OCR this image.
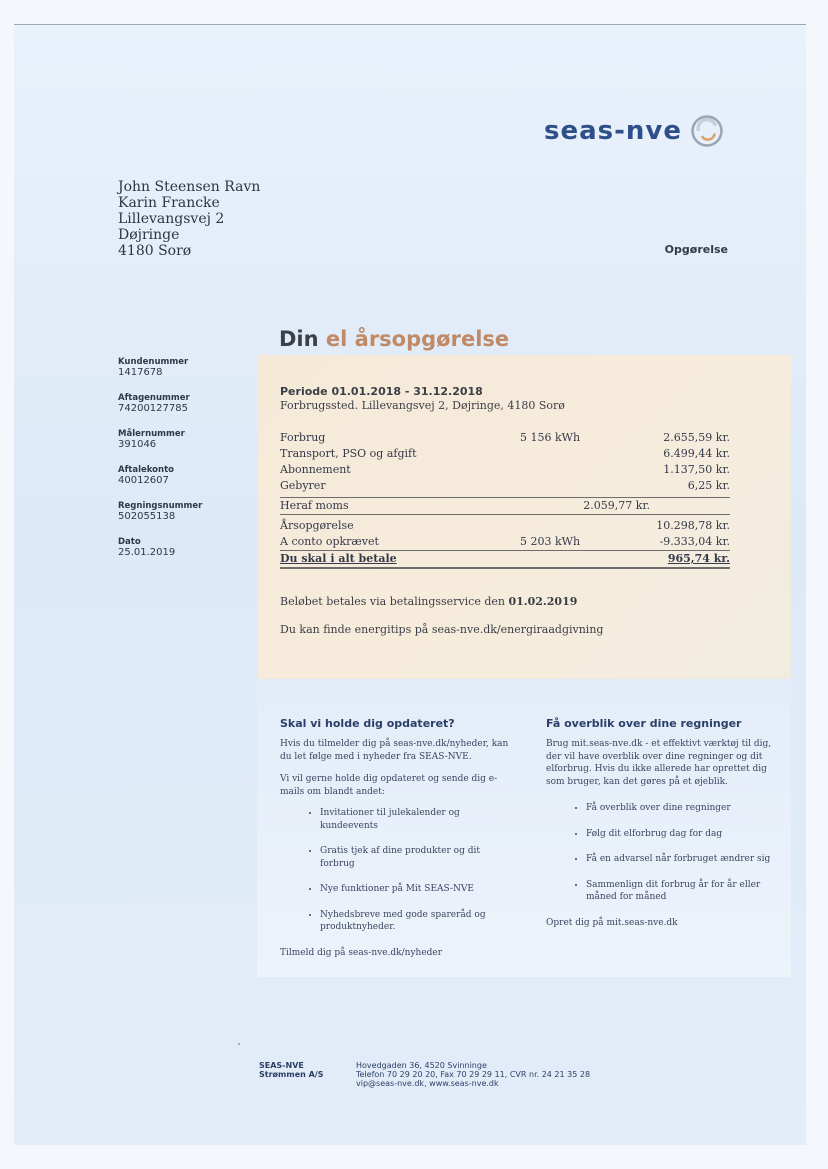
seas-nve
John Steensen Ravn
Karin Francke
Lillevangsvej 2
Døjringe
4180 Sorø	Opgørelse
Din el årsopgørelse
Kundenummer
1417678
Aftagenummer
74200127785
Målernummer
391046
Aftalekonto
40012607
Regningsnummer
502055138
Dato
25.01.2019
Periode 01.01.2018 - 31.12.2018
Forbrugssted. Lillevangsvej 2, Døjringe, 4180 Sorø
Forbrug	5 156 kWh	2.655,59 kr.
Transport, PSO og afgift	6.499,44 kr.
Abonnement	1.137,50 kr.
Gebyrer	6,25 kr.
Heraf moms	2.059,77 kr.
Årsopgørelse	10.298,78 kr.
A conto opkrævet	5 203 kWh	-9.333,04 kr.
Du skal i alt betale	965,74 kr.
Beløbet betales via betalingsservice den 01.02.2019
Du kan finde energitips på seas-nve.dk/energiraadgivning
Skal vi holde dig opdateret?
Hvis du tilmelder dig på seas-nve.dk/nyheder, kan du let følge med i nyheder fra SEAS-NVE.
Vi vil gerne holde dig opdateret og sende dig e-mails om blandt andet:
• Invitationer til julekalender og kundeevents
• Gratis tjek af dine produkter og dit forbrug
• Nye funktioner på Mit SEAS-NVE
• Nyhedsbreve med gode spareråd og produktnyheder.
Tilmeld dig på seas-nve.dk/nyheder
Få overblik over dine regninger
Brug mit.seas-nve.dk - et effektivt værktøj til dig, der vil have overblik over dine regninger og dit elforbrug. Hvis du ikke allerede har oprettet dig som bruger, kan det gøres på et øjeblik.
• Få overblik over dine regninger
• Følg dit elforbrug dag for dag
• Få en advarsel når forbruget ændrer sig
• Sammenlign dit forbrug år for år eller måned for måned
Opret dig på mit.seas-nve.dk
SEAS-NVE
Strømmen A/S
Hovedgaden 36, 4520 Svinninge
Telefon 70 29 20 20, Fax 70 29 29 11, CVR nr. 24 21 35 28
vip@seas-nve.dk, www.seas-nve.dk
